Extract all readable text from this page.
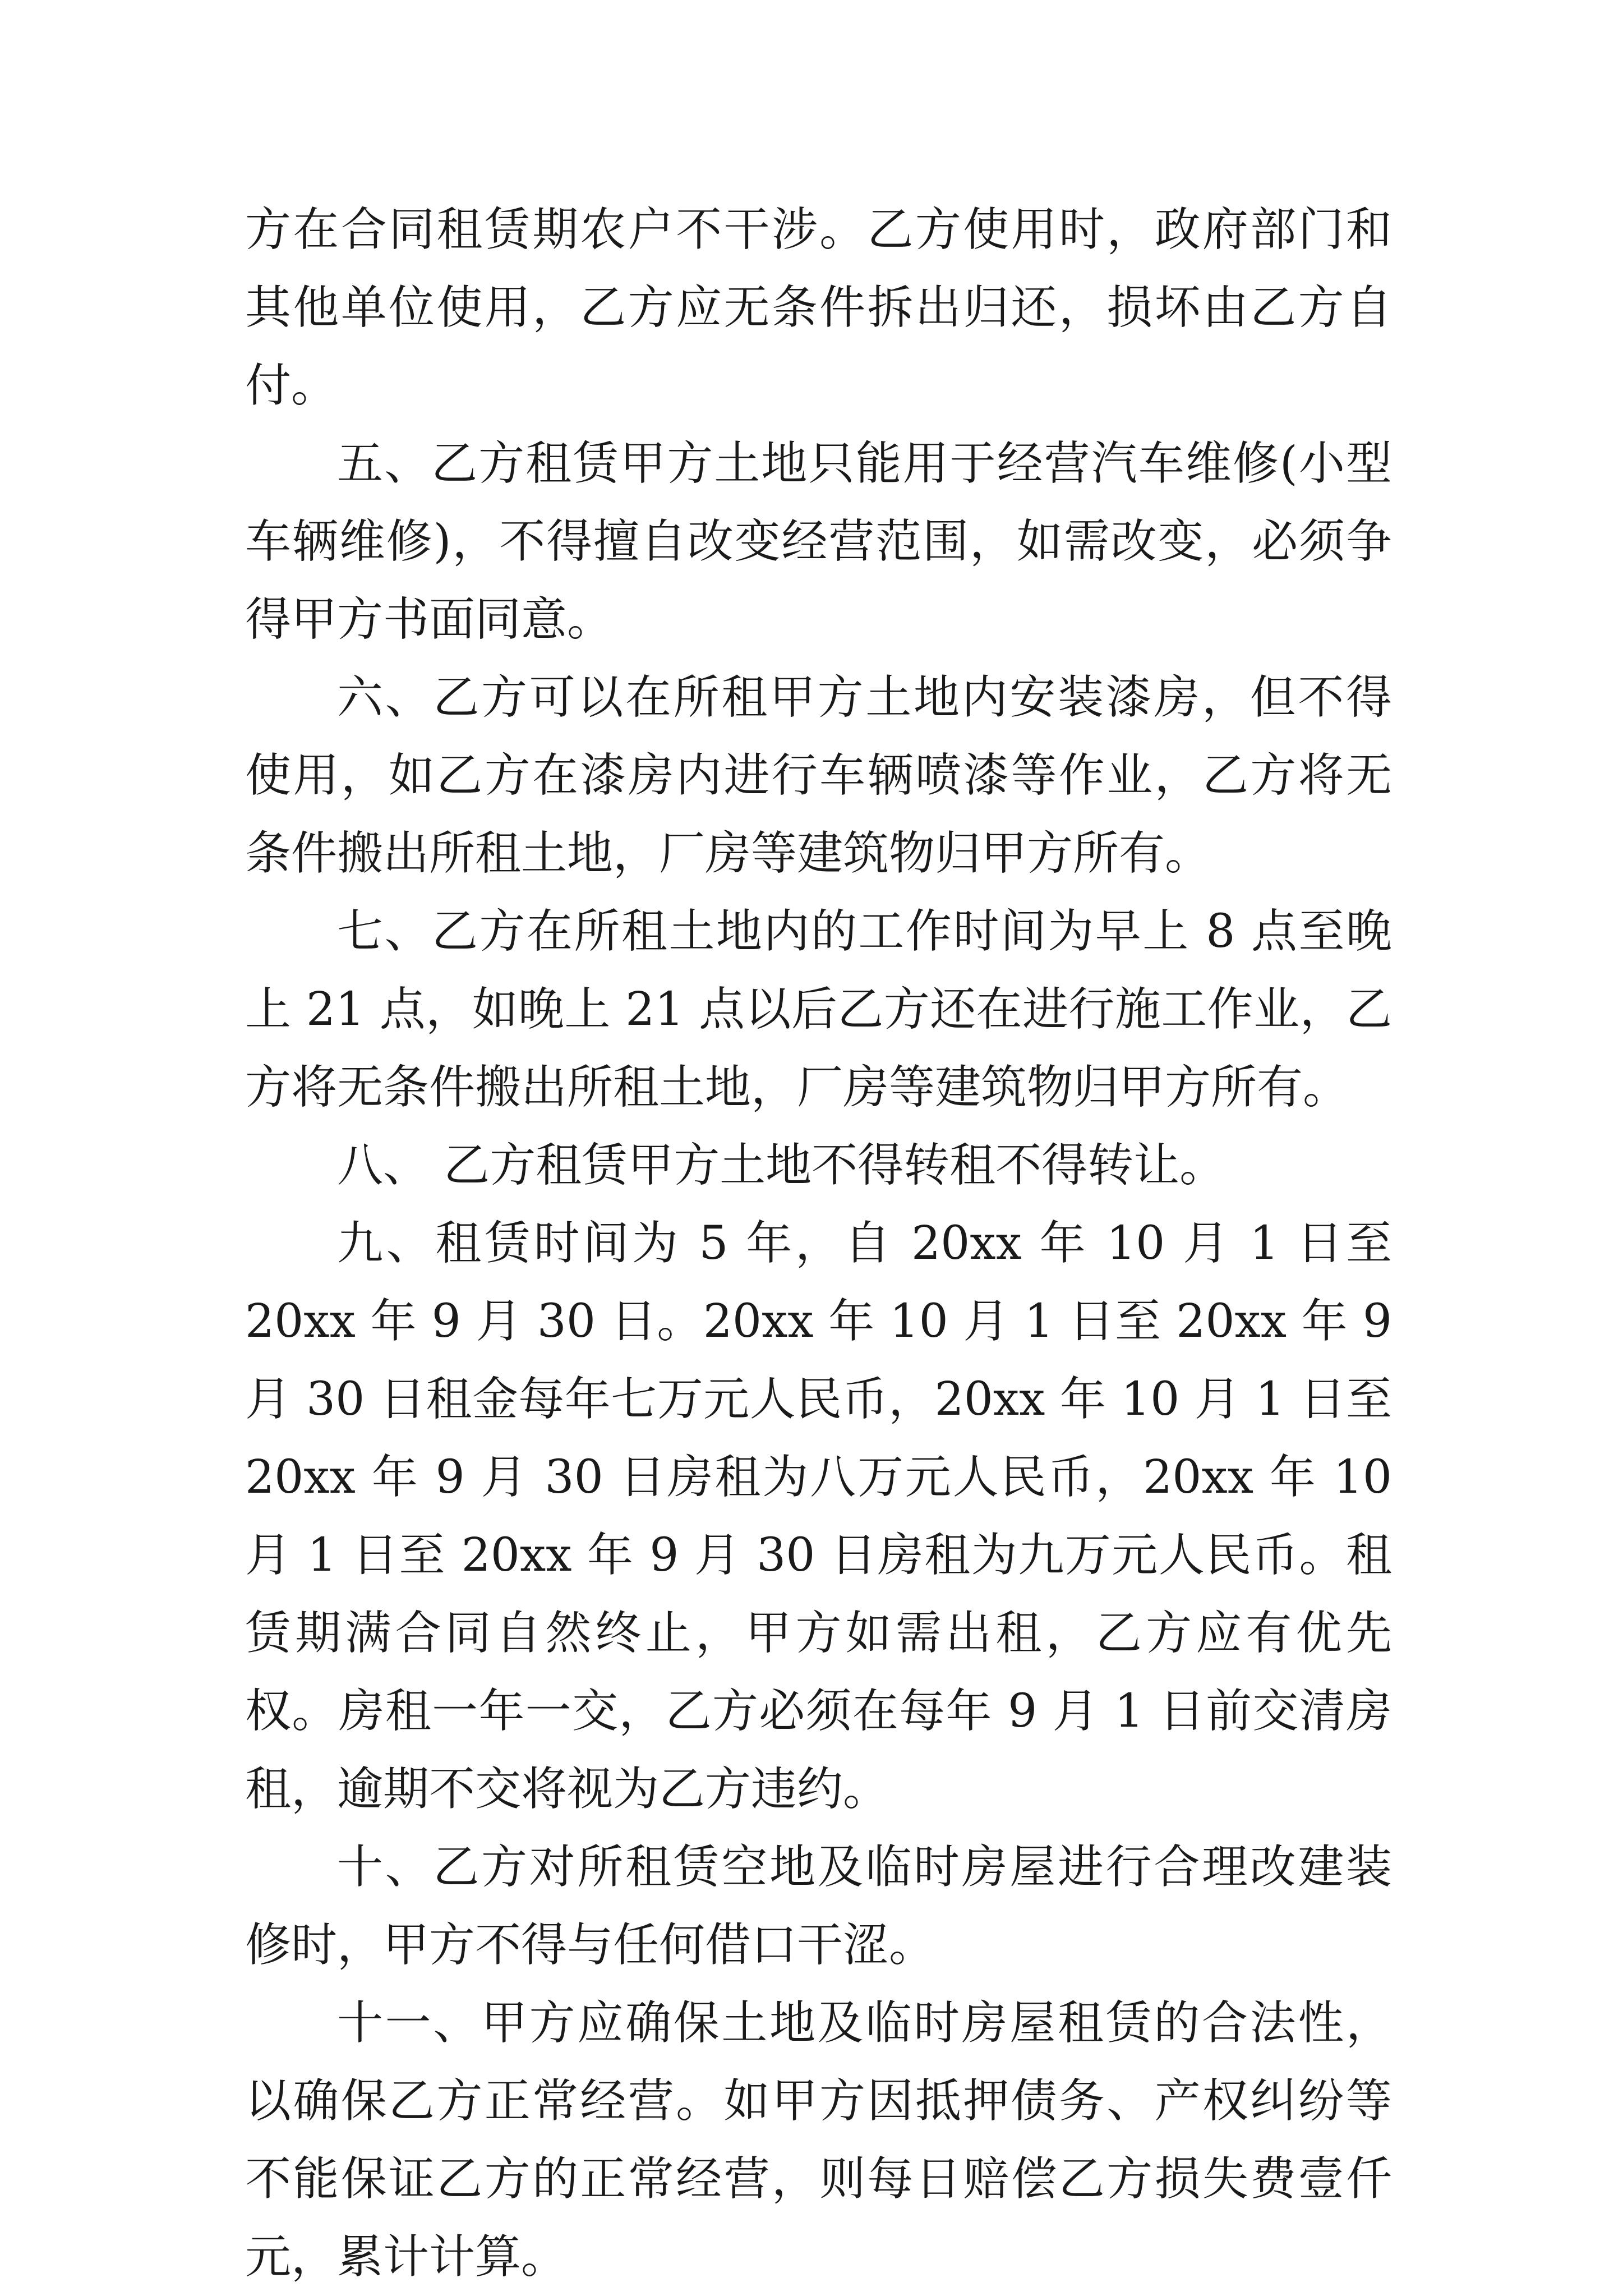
方在合同租赁期农户不干涉。乙方使用时，政府部门和其他单位使用，乙方应无条件拆出归还，损坏由乙方自付。

五、乙方租赁甲方土地只能用于经营汽车维修(小型车辆维修)，不得擅自改变经营范围，如需改变，必须争得甲方书面同意。

六、乙方可以在所租甲方土地内安装漆房，但不得使用，如乙方在漆房内进行车辆喷漆等作业，乙方将无条件搬出所租土地，厂房等建筑物归甲方所有。

七、乙方在所租土地内的工作时间为早上 8 点至晚上 21 点，如晚上 21 点以后乙方还在进行施工作业，乙方将无条件搬出所租土地，厂房等建筑物归甲方所有。

八、 乙方租赁甲方土地不得转租不得转让。

九、租赁时间为 5 年，自 20xx 年 10 月 1 日至 20xx 年 9 月 30 日。20xx 年 10 月 1 日至 20xx 年 9 月 30 日租金每年七万元人民币，20xx 年 10 月 1 日至 20xx 年 9 月 30 日房租为八万元人民币，20xx 年 10 月 1 日至 20xx 年 9 月 30 日房租为九万元人民币。租赁期满合同自然终止，甲方如需出租，乙方应有优先权。房租一年一交，乙方必须在每年 9 月 1 日前交清房租，逾期不交将视为乙方违约。

十、乙方对所租赁空地及临时房屋进行合理改建装修时，甲方不得与任何借口干涩。

十一、甲方应确保土地及临时房屋租赁的合法性，以确保乙方正常经营。如甲方因抵押债务、产权纠纷等不能保证乙方的正常经营，则每日赔偿乙方损失费壹仟元，累计计算。
